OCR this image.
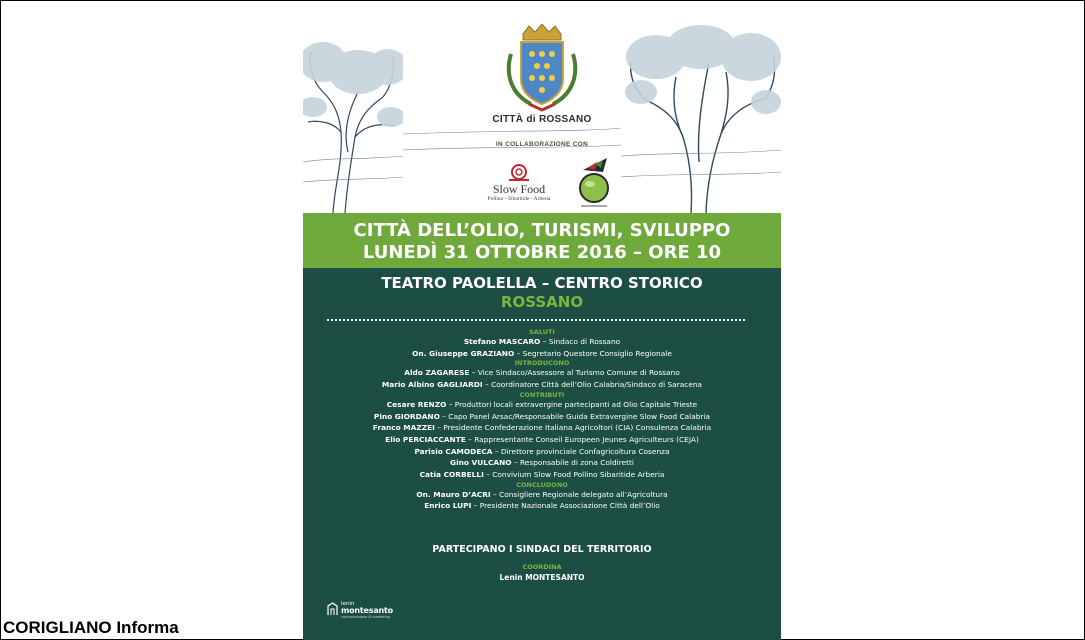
CITTÀ di ROSSANO
IN COLLABORAZIONE CON
Slow Food
Pollino - Sibaritide - Arberia
CITTÀ DELL’OLIO, TURISMI, SVILUPPO
LUNEDÌ 31 OTTOBRE 2016 – ORE 10
TEATRO PAOLELLA – CENTRO STORICO
ROSSANO
SALUTI
Stefano MASCARO – Sindaco di Rossano
On. Giuseppe GRAZIANO – Segretario Questore Consiglio Regionale
INTRODUCONO
Aldo ZAGARESE – Vice Sindaco/Assessore al Turismo Comune di Rossano
Mario Albino GAGLIARDI – Coordinatore Città dell’Olio Calabria/Sindaco di Saracena
CONTRIBUTI
Cesare RENZO – Produttori locali extravergine partecipanti ad Olio Capitale Trieste
Pino GIORDANO – Capo Panel Arsac/Responsabile Guida Extravergine Slow Food Calabria
Franco MAZZEI – Presidente Confederazione Italiana Agricoltori (CIA) Consulenza Calabria
Elio PERCIACCANTE – Rappresentante Conseil Europeen Jeunes Agriculteurs (CEJA)
Parisio CAMODECA – Direttore provinciale Confagricoltura Cosenza
Gino VULCANO – Responsabile di zona Coldiretti
Catia CORBELLI – Convivium Slow Food Pollino Sibaritide Arberia
CONCLUDONO
On. Mauro D’ACRI – Consigliere Regionale delegato all’Agricoltura
Enrico LUPI – Presidente Nazionale Associazione Città dell’Olio
PARTECIPANO I SINDACI DEL TERRITORIO
COORDINA
Lenin MONTESANTO
lenin
montesanto
comunicazione & marketing
CORIGLIANO Informa
